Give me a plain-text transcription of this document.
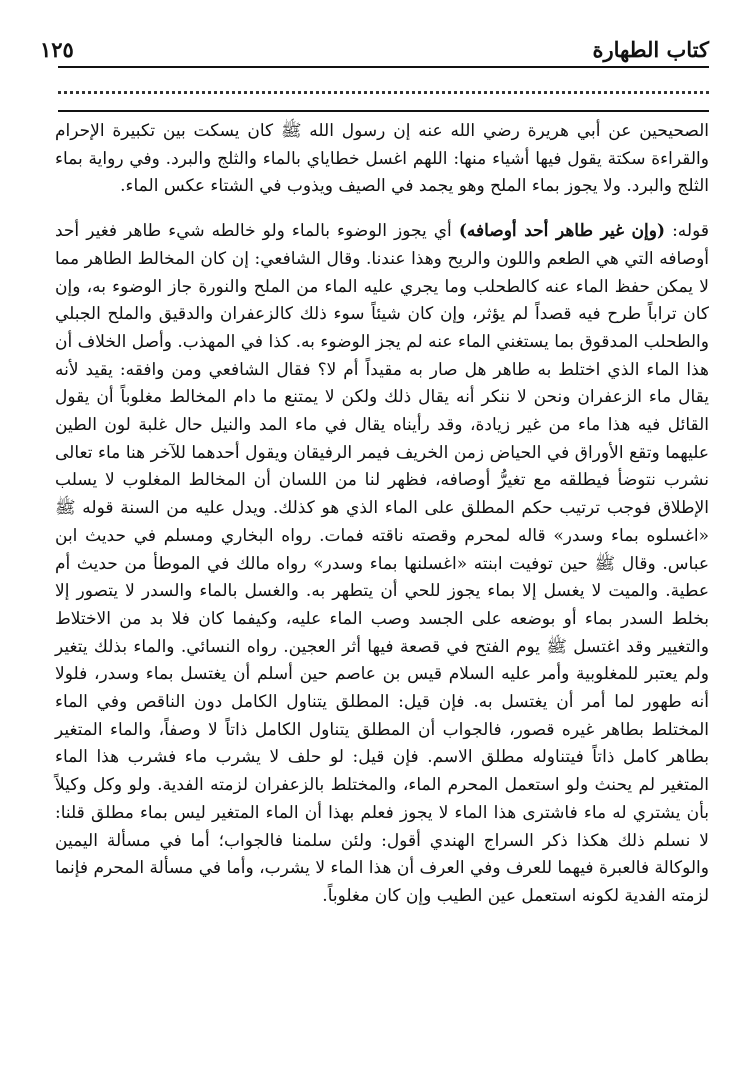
كتاب الطهارة
١٢٥

الصحيحين عن أبي هريرة رضي الله عنه إن رسول الله ﷺ كان يسكت بين تكبيرة الإحرام والقراءة سكتة يقول فيها أشياء منها: اللهم اغسل خطاياي بالماء والثلج والبرد. وفي رواية بماء الثلج والبرد. ولا يجوز بماء الملح وهو يجمد في الصيف ويذوب في الشتاء عكس الماء.

قوله: (وإن غير طاهر أحد أوصافه) أي يجوز الوضوء بالماء ولو خالطه شيء طاهر فغير أحد أوصافه التي هي الطعم واللون والريح وهذا عندنا. وقال الشافعي: إن كان المخالط الطاهر مما لا يمكن حفظ الماء عنه كالطحلب وما يجري عليه الماء من الملح والنورة جاز الوضوء به، وإن كان تراباً طرح فيه قصداً لم يؤثر، وإن كان شيئاً سوء ذلك كالزعفران والدقيق والملح الجبلي والطحلب المدقوق بما يستغني الماء عنه لم يجز الوضوء به. كذا في المهذب. وأصل الخلاف أن هذا الماء الذي اختلط به طاهر هل صار به مقيداً أم لا؟ فقال الشافعي ومن وافقه: يقيد لأنه يقال ماء الزعفران ونحن لا ننكر أنه يقال ذلك ولكن لا يمتنع ما دام المخالط مغلوباً أن يقول القائل فيه هذا ماء من غير زيادة، وقد رأيناه يقال في ماء المد والنيل حال غلبة لون الطين عليهما وتقع الأوراق في الحياض زمن الخريف فيمر الرفيقان ويقول أحدهما للآخر هنا ماء تعالى نشرب نتوضأ فيطلقه مع تغيرُّ أوصافه، فظهر لنا من اللسان أن المخالط المغلوب لا يسلب الإطلاق فوجب ترتيب حكم المطلق على الماء الذي هو كذلك. ويدل عليه من السنة قوله ﷺ «اغسلوه بماء وسدر» قاله لمحرم وقصته ناقته فمات. رواه البخاري ومسلم في حديث ابن عباس. وقال ﷺ حين توفيت ابنته «اغسلنها بماء وسدر» رواه مالك في الموطأ من حديث أم عطية. والميت لا يغسل إلا بماء يجوز للحي أن يتطهر به. والغسل بالماء والسدر لا يتصور إلا بخلط السدر بماء أو بوضعه على الجسد وصب الماء عليه، وكيفما كان فلا بد من الاختلاط والتغيير وقد اغتسل ﷺ يوم الفتح في قصعة فيها أثر العجين. رواه النسائي. والماء بذلك يتغير ولم يعتبر للمغلوبية وأمر عليه السلام قيس بن عاصم حين أسلم أن يغتسل بماء وسدر، فلولا أنه طهور لما أمر أن يغتسل به. فإن قيل: المطلق يتناول الكامل دون الناقص وفي الماء المختلط بطاهر غيره قصور، فالجواب أن المطلق يتناول الكامل ذاتاً لا وصفاً، والماء المتغير بطاهر كامل ذاتاً فيتناوله مطلق الاسم. فإن قيل: لو حلف لا يشرب ماء فشرب هذا الماء المتغير لم يحنث ولو استعمل المحرم الماء، والمختلط بالزعفران لزمته الفدية. ولو وكل وكيلاً بأن يشتري له ماء فاشترى هذا الماء لا يجوز فعلم بهذا أن الماء المتغير ليس بماء مطلق قلنا: لا نسلم ذلك هكذا ذكر السراج الهندي أقول: ولئن سلمنا فالجواب؛ أما في مسألة اليمين والوكالة فالعبرة فيهما للعرف وفي العرف أن هذا الماء لا يشرب، وأما في مسألة المحرم فإنما لزمته الفدية لكونه استعمل عين الطيب وإن كان مغلوباً.
